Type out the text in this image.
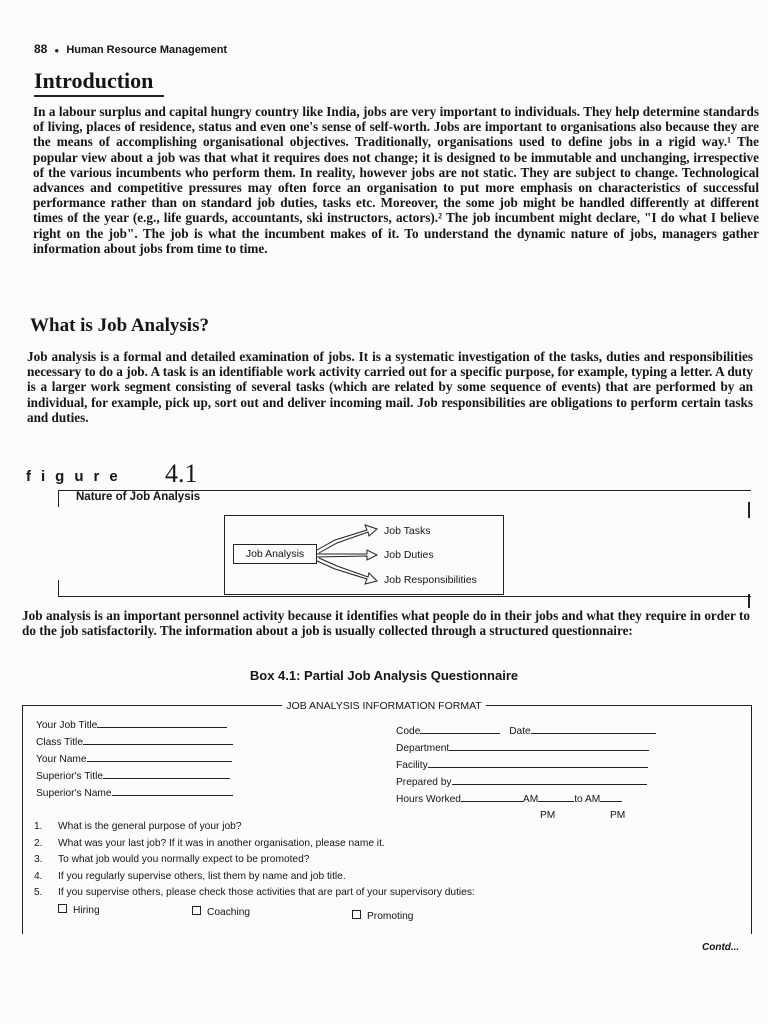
88 ● Human Resource Management
Introduction
In a labour surplus and capital hungry country like India, jobs are very important to individuals. They help determine standards of living, places of residence, status and even one's sense of self-worth. Jobs are important to organisations also because they are the means of accomplishing organisational objectives. Traditionally, organisations used to define jobs in a rigid way.¹ The popular view about a job was that what it requires does not change; it is designed to be immutable and unchanging, irrespective of the various incumbents who perform them. In reality, however jobs are not static. They are subject to change. Technological advances and competitive pressures may often force an organisation to put more emphasis on characteristics of successful performance rather than on standard job duties, tasks etc. Moreover, the some job might be handled differently at different times of the year (e.g., life guards, accountants, ski instructors, actors).² The job incumbent might declare, "I do what I believe right on the job". The job is what the incumbent makes of it. To understand the dynamic nature of jobs, managers gather information about jobs from time to time.
What is Job Analysis?
Job analysis is a formal and detailed examination of jobs. It is a systematic investigation of the tasks, duties and responsibilities necessary to do a job. A task is an identifiable work activity carried out for a specific purpose, for example, typing a letter. A duty is a larger work segment consisting of several tasks (which are related by some sequence of events) that are performed by an individual, for example, pick up, sort out and deliver incoming mail. Job responsibilities are obligations to perform certain tasks and duties.
figure 4.1
Nature of Job Analysis
Job Analysis
Job Tasks
Job Duties
Job Responsibilities
Job analysis is an important personnel activity because it identifies what people do in their jobs and what they require in order to do the job satisfactorily. The information about a job is usually collected through a structured questionnaire:
Box 4.1: Partial Job Analysis Questionnaire
JOB ANALYSIS INFORMATION FORMAT
Your Job Title
Class Title
Your Name
Superior's Title
Superior's Name
Code	Date
Department
Facility
Prepared by
Hours Worked	AM	to AM
PM	PM
1. What is the general purpose of your job?
2. What was your last job? If it was in another organisation, please name it.
3. To what job would you normally expect to be promoted?
4. If you regularly supervise others, list them by name and job title.
5. If you supervise others, please check those activities that are part of your supervisory duties:
Hiring	Coaching	Promoting
Contd...
